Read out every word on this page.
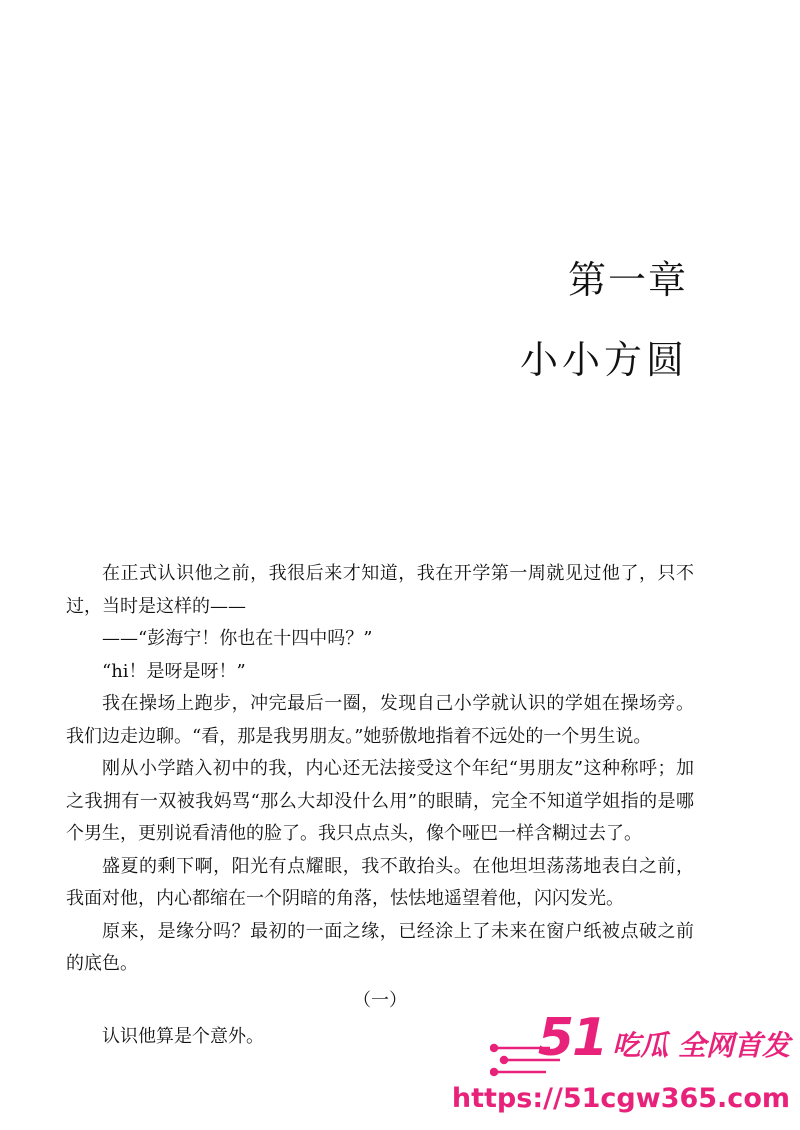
第一章
小小方圆

在正式认识他之前，我很后来才知道，我在开学第一周就见过他了，只不过，当时是这样的——

——“彭海宁！你也在十四中吗？”

“hi！是呀是呀！”

我在操场上跑步，冲完最后一圈，发现自己小学就认识的学姐在操场旁。我们边走边聊。“看，那是我男朋友。”她骄傲地指着不远处的一个男生说。

刚从小学踏入初中的我，内心还无法接受这个年纪“男朋友”这种称呼；加之我拥有一双被我妈骂“那么大却没什么用”的眼睛，完全不知道学姐指的是哪个男生，更别说看清他的脸了。我只点点头，像个哑巴一样含糊过去了。

盛夏的剩下啊，阳光有点耀眼，我不敢抬头。在他坦坦荡荡地表白之前，我面对他，内心都缩在一个阴暗的角落，怯怯地遥望着他，闪闪发光。

原来，是缘分吗？最初的一面之缘，已经涂上了未来在窗户纸被点破之前的底色。

（一）

认识他算是个意外。	51 吃瓜 全网首发
https://51cgw365.com
